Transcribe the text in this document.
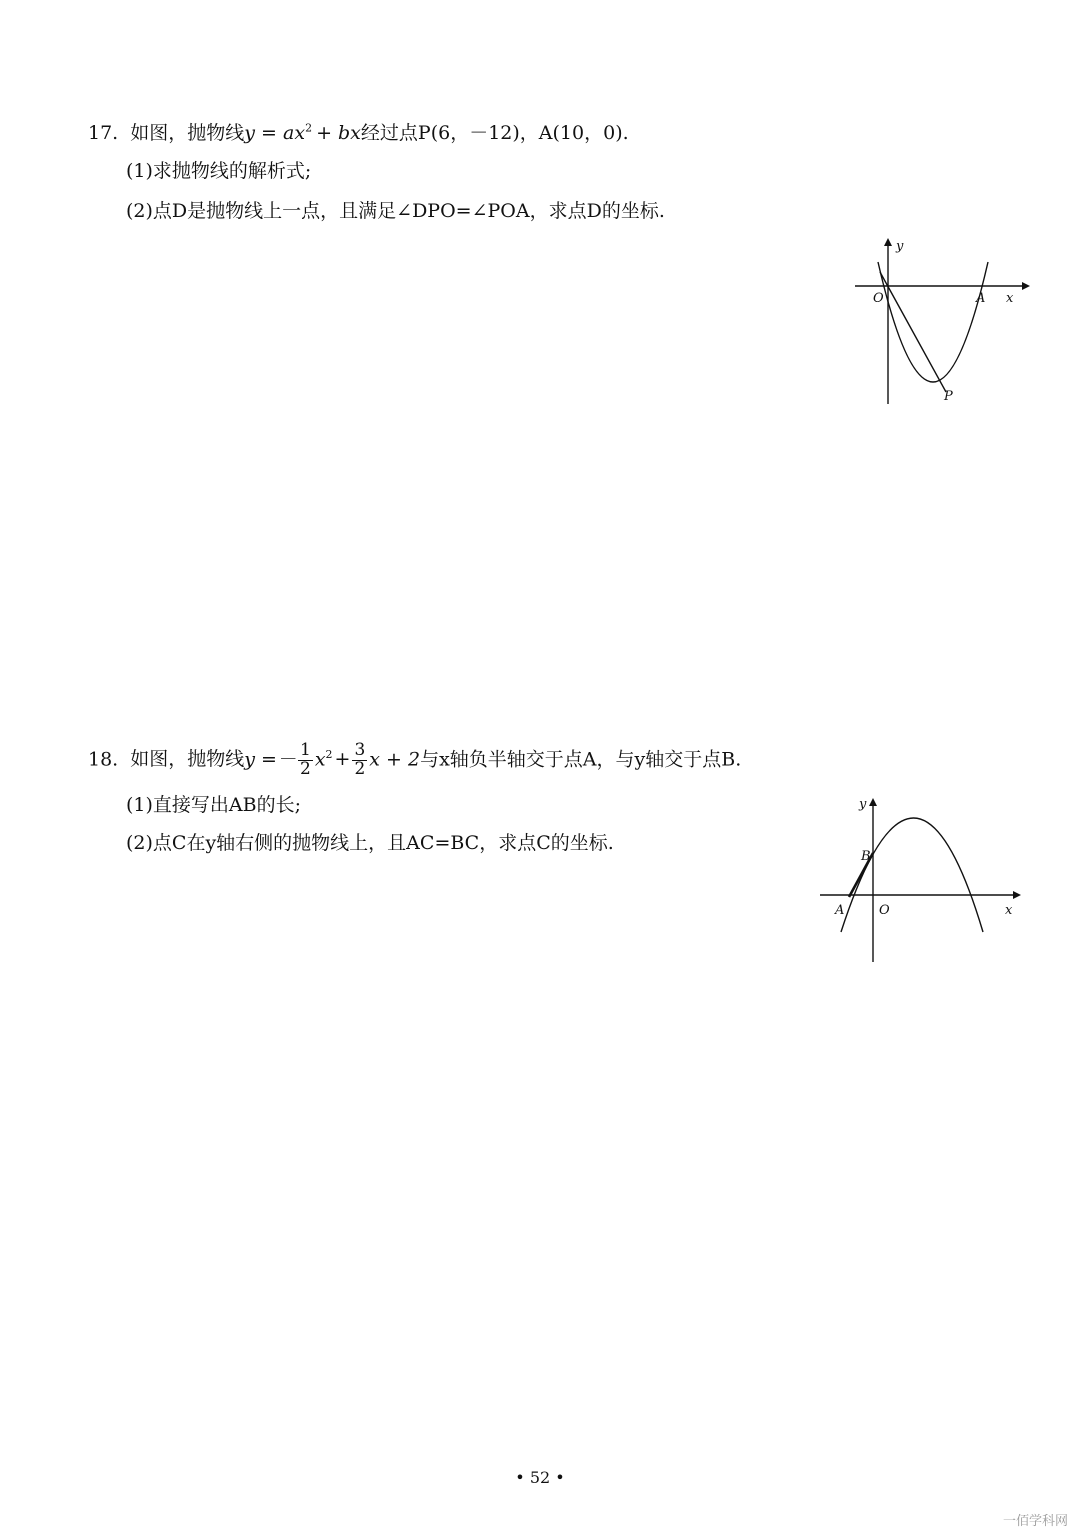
17. 如图，抛物线$y = ax^2$ + bx经过点P(6，－12)，A(10，0).
(1)求抛物线的解析式;
(2)点D是抛物线上一点，且满足∠DPO=∠POA，求点D的坐标.
y
O	A x
P
18. 如图，抛物线$y =- \frac{1}{2} x^2 + \frac{3}{2}$ x + 2与x轴负半轴交于点A，与y轴交于点B.
(1)直接写出AB的长;
(2)点C在y轴右侧的抛物线上，且AC=BC，求点C的坐标.
y
B
A	O	x
• 52 •
一佰学科网
